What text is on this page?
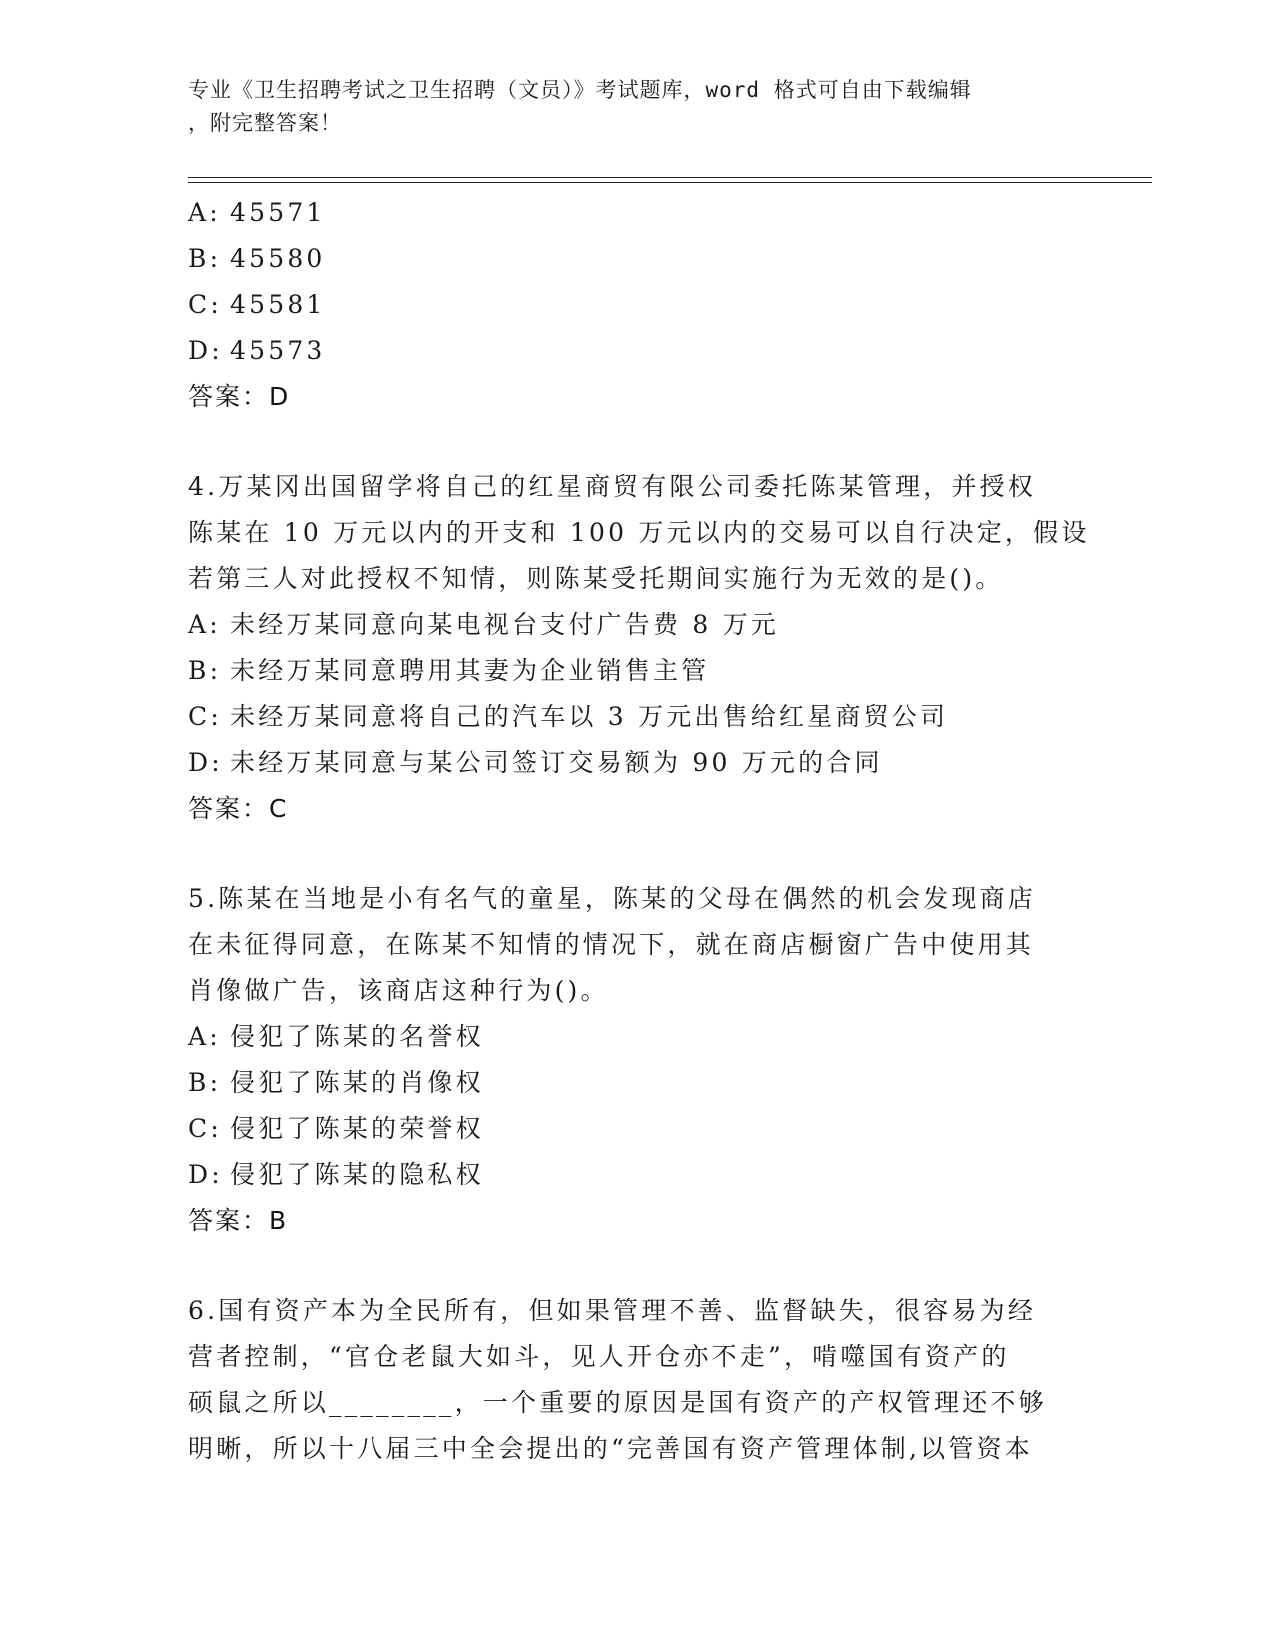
专业《卫生招聘考试之卫生招聘（文员）》考试题库，word 格式可自由下载编辑
，附完整答案！
A: 45571
B: 45580
C: 45581
D: 45573
答案：D
4.万某冈出国留学将自己的红星商贸有限公司委托陈某管理，并授权
陈某在 10 万元以内的开支和 100 万元以内的交易可以自行决定，假设
若第三人对此授权不知情，则陈某受托期间实施行为无效的是()。
A: 未经万某同意向某电视台支付广告费 8 万元
B: 未经万某同意聘用其妻为企业销售主管
C: 未经万某同意将自己的汽车以 3 万元出售给红星商贸公司
D: 未经万某同意与某公司签订交易额为 90 万元的合同
答案：C
5.陈某在当地是小有名气的童星，陈某的父母在偶然的机会发现商店
在未征得同意，在陈某不知情的情况下，就在商店橱窗广告中使用其
肖像做广告，该商店这种行为()。
A: 侵犯了陈某的名誉权
B: 侵犯了陈某的肖像权
C: 侵犯了陈某的荣誉权
D: 侵犯了陈某的隐私权
答案：B
6.国有资产本为全民所有，但如果管理不善、监督缺失，很容易为经
营者控制，“官仓老鼠大如斗，见人开仓亦不走”，啃噬国有资产的
硕鼠之所以________，一个重要的原因是国有资产的产权管理还不够
明晰，所以十八届三中全会提出的“完善国有资产管理体制,以管资本
